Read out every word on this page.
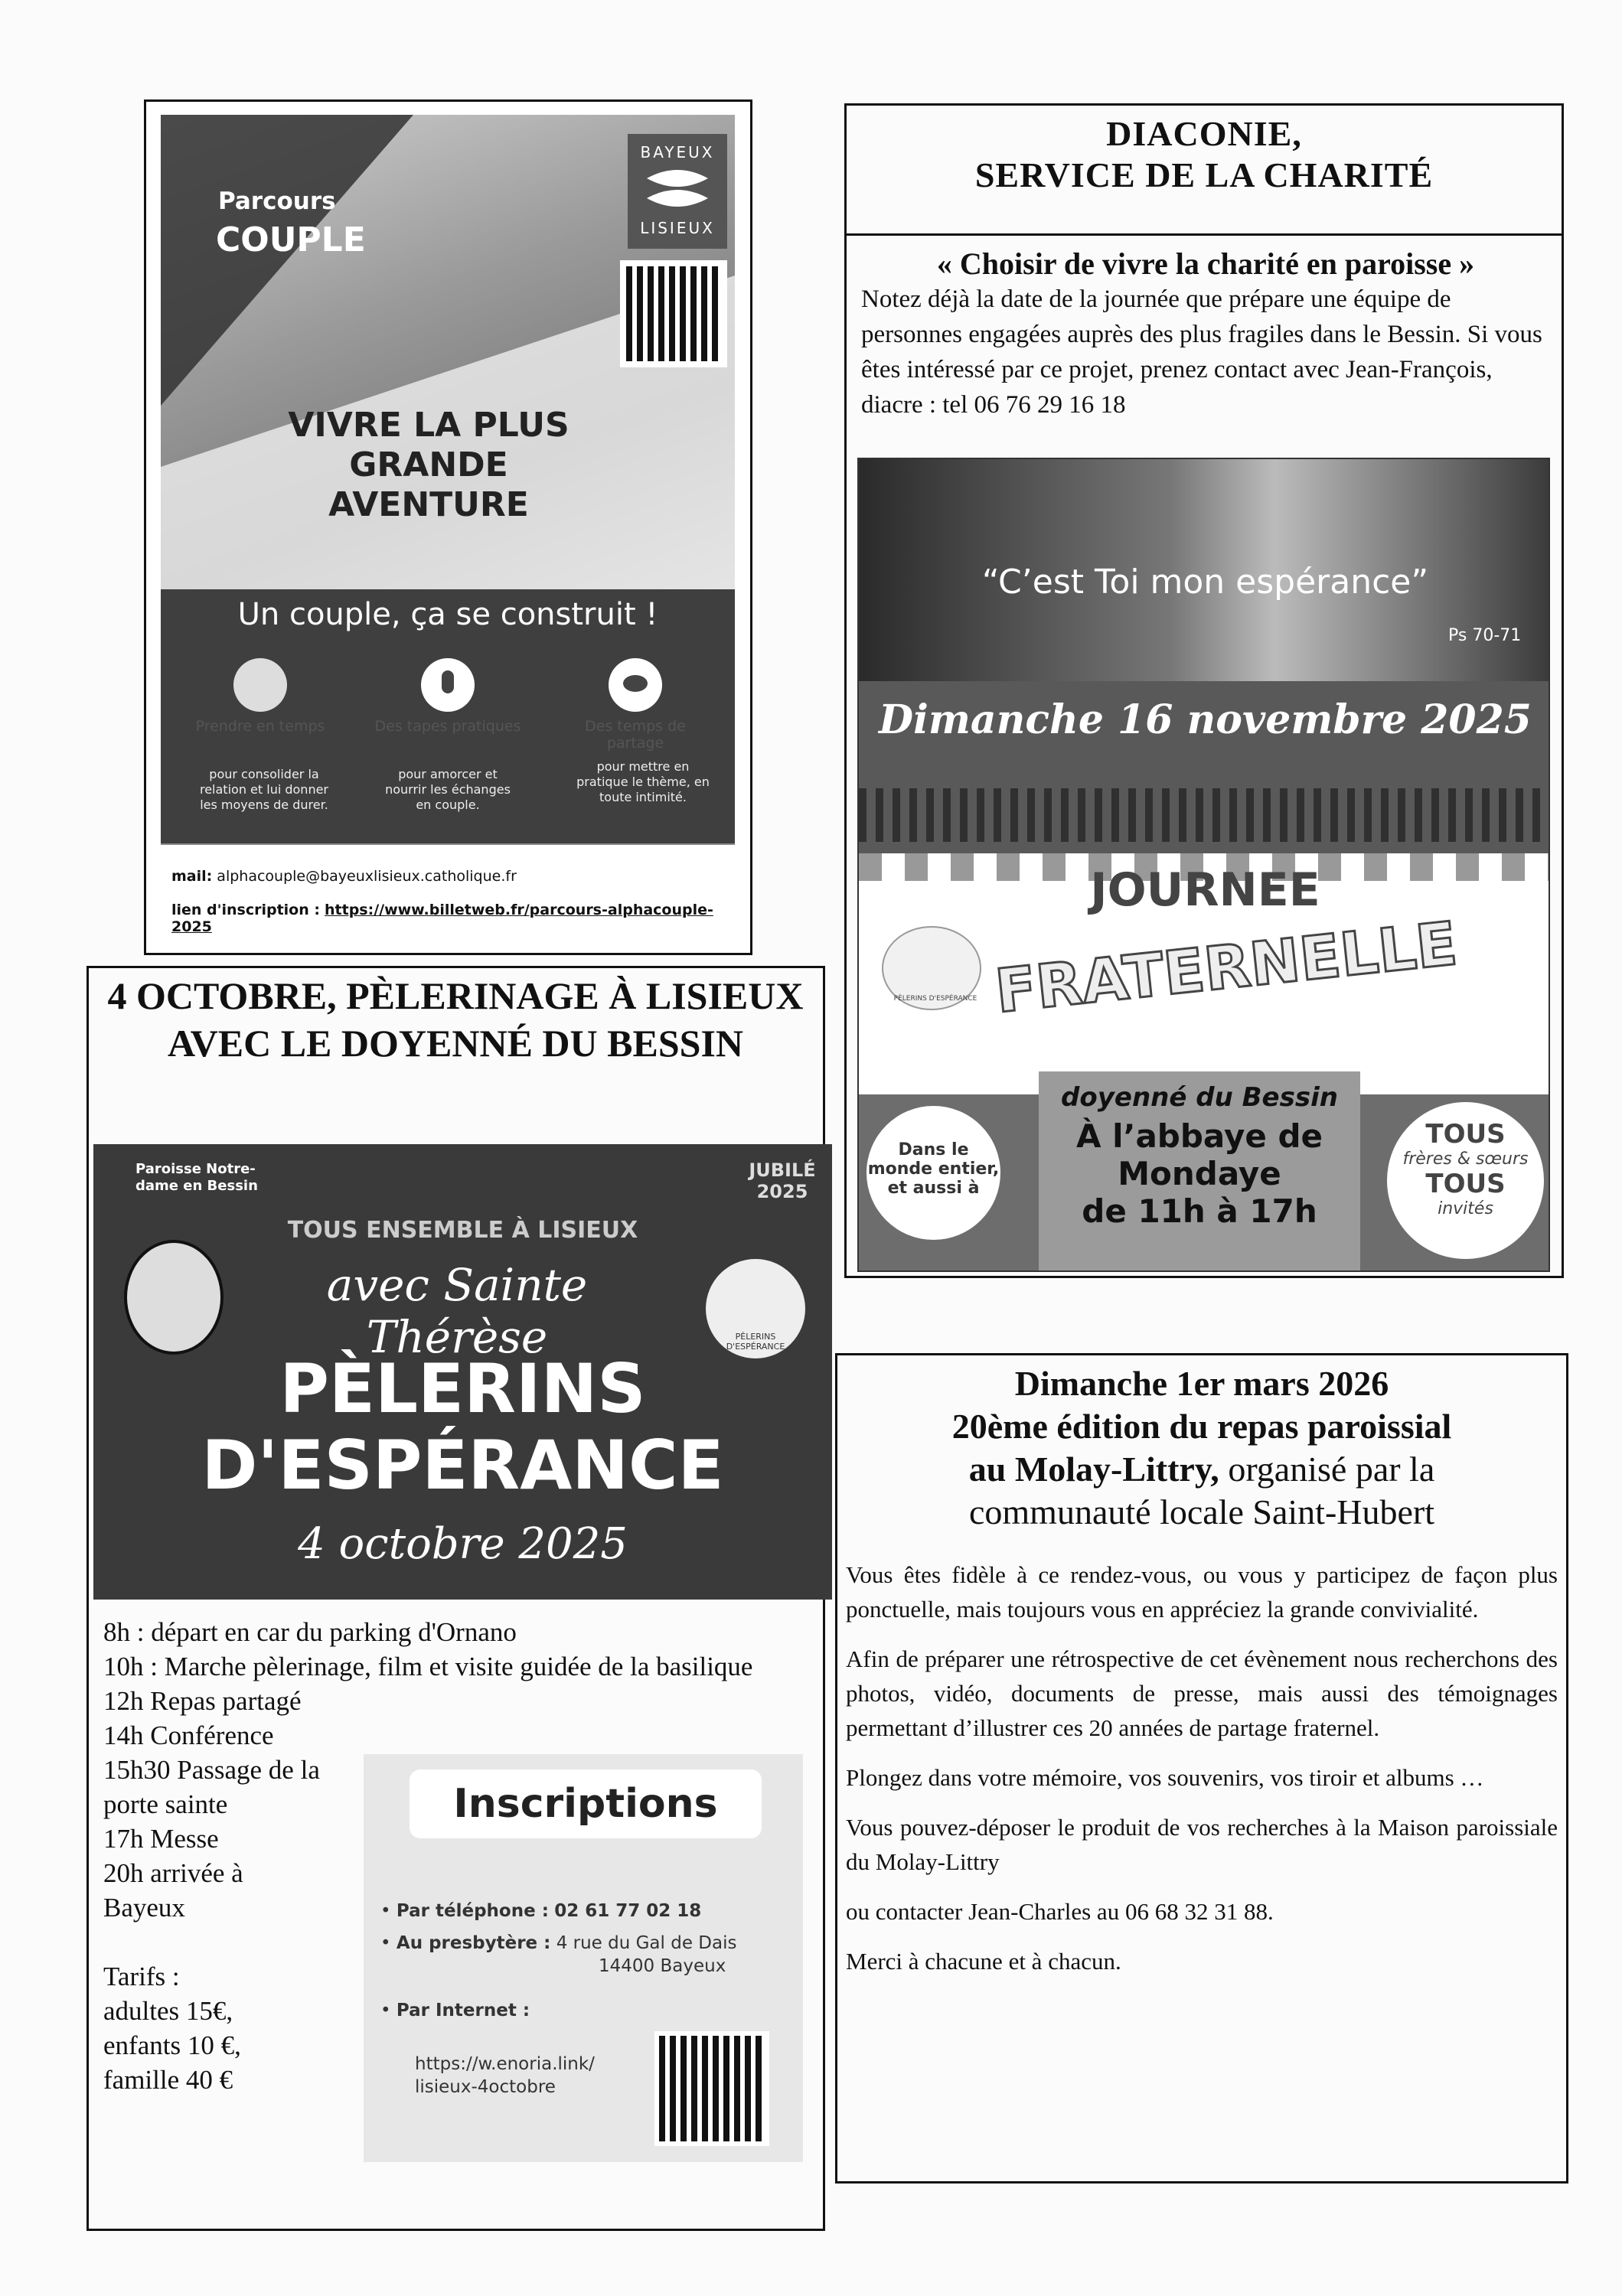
Parcours
COUPLE
BAYEUX
LISIEUX
VIVRE LA PLUS
GRANDE
AVENTURE
Un couple, ça se construit !
Prendre en temps	Des tapes pratiques	Des temps de partage
pour consolider la relation et lui donner les moyens de durer.
pour amorcer et nourrir les échanges en couple.
pour mettre en pratique le thème, en toute intimité.
mail: alphacouple@bayeuxlisieux.catholique.fr
lien d'inscription : https://www.billetweb.fr/parcours-alphacouple-2025
DIACONIE,
SERVICE DE LA CHARITÉ
« Choisir de vivre la charité en paroisse »
Notez déjà la date de la journée que prépare une équipe de personnes engagées auprès des plus fragiles dans le Bessin. Si vous êtes intéressé par ce projet, prenez contact avec Jean-François, diacre : tel 06 76 29 16 18
“C’est Toi mon espérance”
Ps 70-71
Dimanche 16 novembre 2025
JOURNEE
FRATERNELLE
PÈLERINS D'ESPÉRANCE
Dans le monde entier, et aussi à
doyenné du Bessin
À l’abbaye de
Mondaye
de 11h à 17h
TOUS
frères & sœurs
TOUS
invités
4 OCTOBRE, PÈLERINAGE À LISIEUX AVEC LE DOYENNÉ DU BESSIN
Paroisse Notre-dame en Bessin
JUBILÉ
2025
TOUS ENSEMBLE À LISIEUX
avec Sainte Thérèse	PÈLERINS D'ESPÉRANCE
PÈLERINS
D'ESPÉRANCE
4 octobre 2025
8h : départ en car du parking d'Ornano
10h : Marche pèlerinage, film et visite guidée de la basilique
12h Repas partagé
14h Conférence
15h30 Passage de la porte sainte
17h Messe
20h arrivée à Bayeux
Tarifs :
adultes 15€,
enfants 10 €,
famille 40 €
Inscriptions
• Par téléphone : 02 61 77 02 18
• Au presbytère : 4 rue du Gal de Dais
14400 Bayeux
• Par Internet :
https://w.enoria.link/
lisieux-4octobre
Dimanche 1er mars 2026
20ème édition du repas paroissial
au Molay-Littry, organisé par la
communauté locale Saint-Hubert

Vous êtes fidèle à ce rendez-vous, ou vous y participez de façon plus ponctuelle, mais toujours vous en appréciez la grande convivialité.

Afin de préparer une rétrospective de cet évènement nous recherchons des photos, vidéo, documents de presse, mais aussi des témoignages permettant d’illustrer ces 20 années de partage fraternel.

Plongez dans votre mémoire, vos souvenirs, vos tiroir et albums …

Vous pouvez-déposer le produit de vos recherches à la Maison paroissiale du Molay-Littry

ou contacter Jean-Charles au 06 68 32 31 88.

Merci à chacune et à chacun.
